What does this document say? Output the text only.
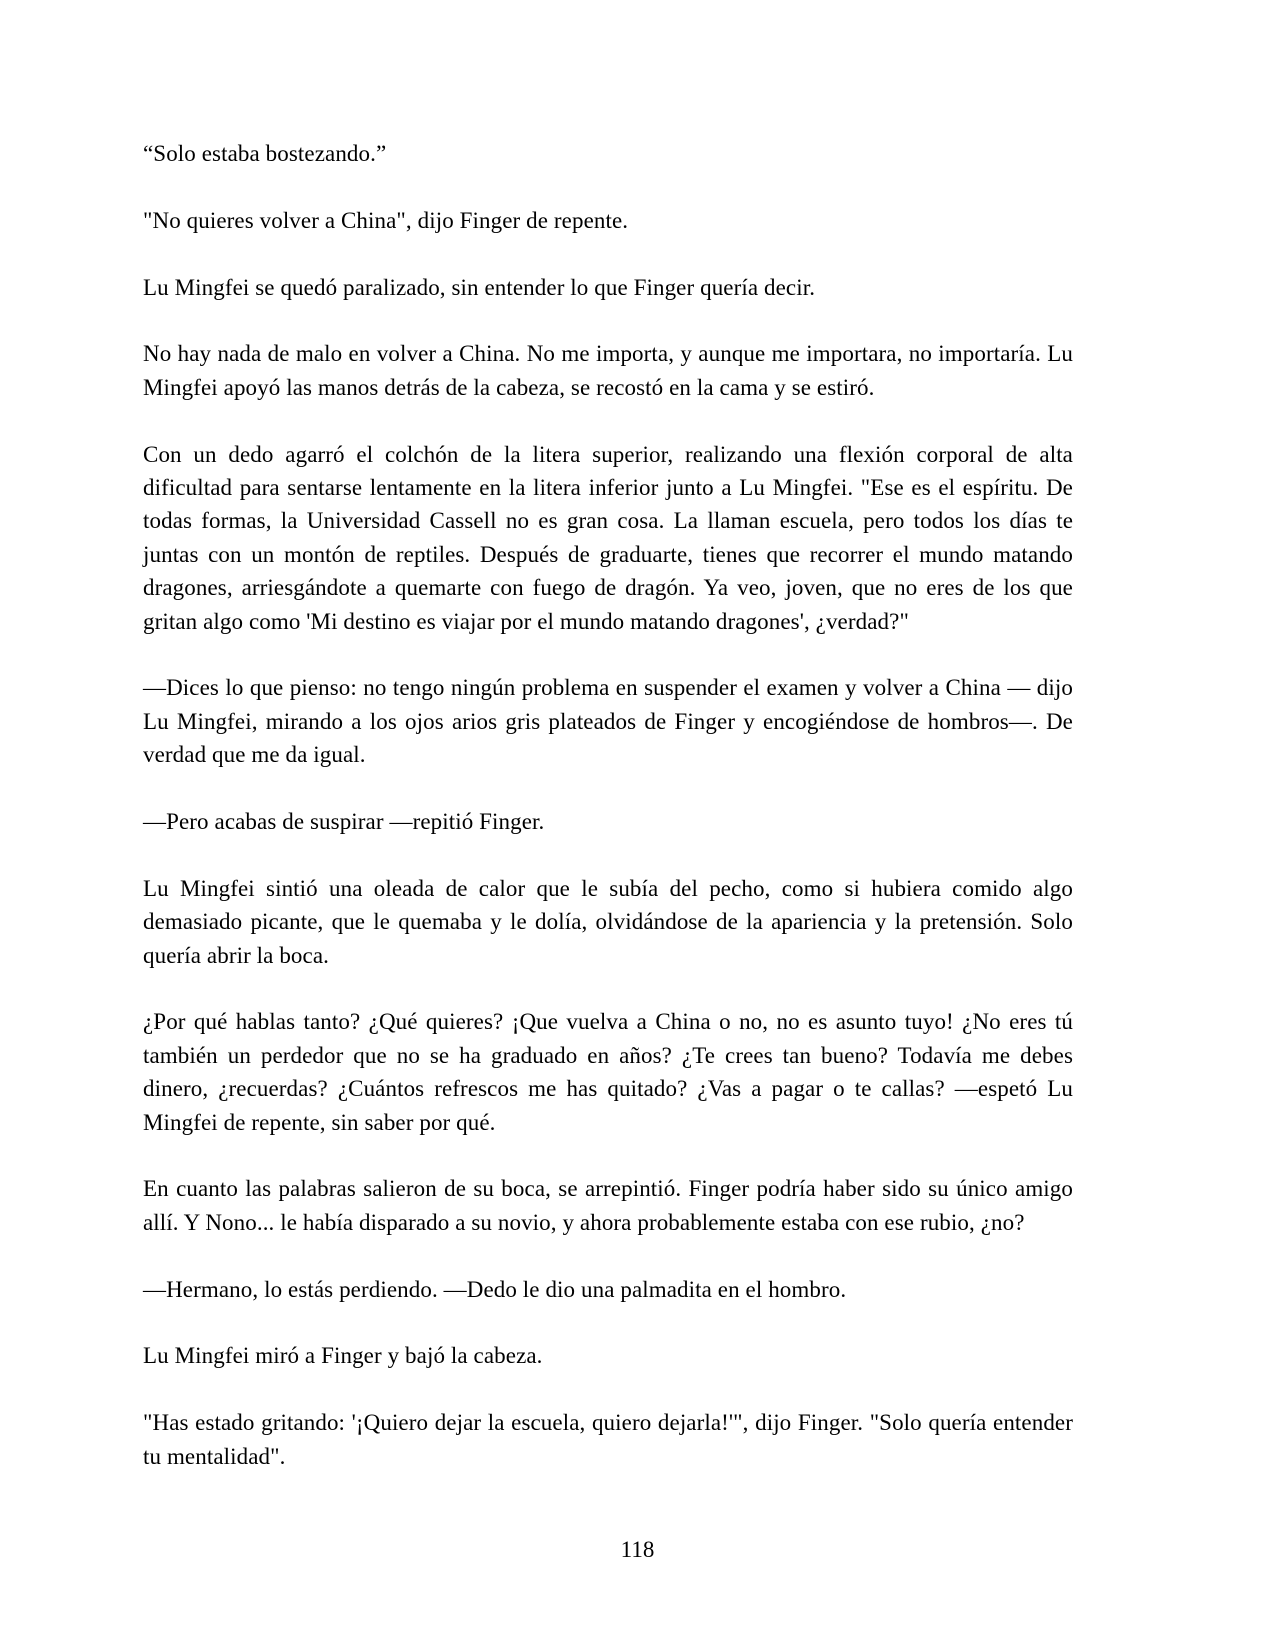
“Solo estaba bostezando.”

"No quieres volver a China", dijo Finger de repente.

Lu Mingfei se quedó paralizado, sin entender lo que Finger quería decir.

No hay nada de malo en volver a China. No me importa, y aunque me importara, no importaría. Lu Mingfei apoyó las manos detrás de la cabeza, se recostó en la cama y se estiró.

Con un dedo agarró el colchón de la litera superior, realizando una flexión corporal de alta dificultad para sentarse lentamente en la litera inferior junto a Lu Mingfei. "Ese es el espíritu. De todas formas, la Universidad Cassell no es gran cosa. La llaman escuela, pero todos los días te juntas con un montón de reptiles. Después de graduarte, tienes que recorrer el mundo matando dragones, arriesgándote a quemarte con fuego de dragón. Ya veo, joven, que no eres de los que gritan algo como 'Mi destino es viajar por el mundo matando dragones', ¿verdad?"

—Dices lo que pienso: no tengo ningún problema en suspender el examen y volver a China — dijo Lu Mingfei, mirando a los ojos arios gris plateados de Finger y encogiéndose de hombros—. De verdad que me da igual.

—Pero acabas de suspirar —repitió Finger.

Lu Mingfei sintió una oleada de calor que le subía del pecho, como si hubiera comido algo demasiado picante, que le quemaba y le dolía, olvidándose de la apariencia y la pretensión. Solo quería abrir la boca.

¿Por qué hablas tanto? ¿Qué quieres? ¡Que vuelva a China o no, no es asunto tuyo! ¿No eres tú también un perdedor que no se ha graduado en años? ¿Te crees tan bueno? Todavía me debes dinero, ¿recuerdas? ¿Cuántos refrescos me has quitado? ¿Vas a pagar o te callas? —espetó Lu Mingfei de repente, sin saber por qué.

En cuanto las palabras salieron de su boca, se arrepintió. Finger podría haber sido su único amigo allí. Y Nono... le había disparado a su novio, y ahora probablemente estaba con ese rubio, ¿no?

—Hermano, lo estás perdiendo. —Dedo le dio una palmadita en el hombro.

Lu Mingfei miró a Finger y bajó la cabeza.

"Has estado gritando: '¡Quiero dejar la escuela, quiero dejarla!'", dijo Finger. "Solo quería entender tu mentalidad".

118
